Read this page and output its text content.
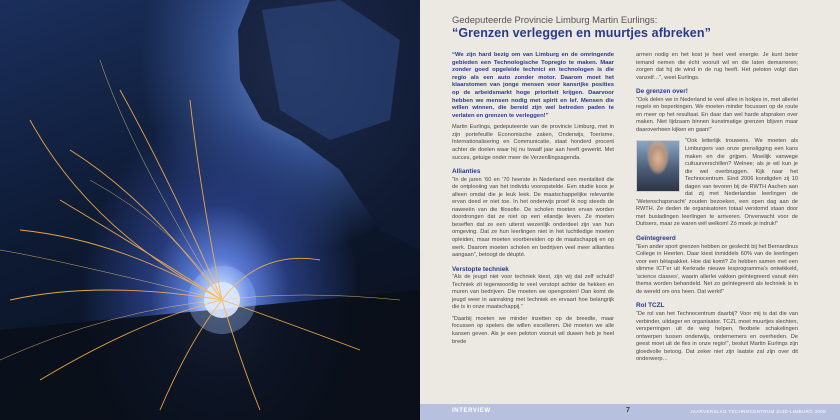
Gedeputeerde Provincie Limburg Martin Eurlings:
“Grenzen verleggen en muurtjes afbreken”

“We zijn hard bezig om van Limburg en de omringende gebieden een Technologische Topregio te maken. Maar zonder goed opgeleide technici en technologen is die regio als een auto zonder motor. Daarom moet het klaarstomen van jonge mensen voor kansrijke posities op de arbeidsmarkt hoge prioriteit krijgen. Daarvoor hebben we mensen nodig met spirit en lef. Mensen die willen winnen, die bereid zijn wel betreden paden te verlaten en grenzen te verleggen!”

Martin Eurlings, gedeputeerde van de provincie Limburg, met in zijn portefeuille Economische zaken, Onderwijs, Toerisme, Internationalisering en Communicatie, staat honderd procent achter de doelen waar hij nu twaalf jaar aan heeft gewerkt. Met succes, getuige onder meer de Verzenllingsagenda.

Allianties

“In de jaren ’60 en ’70 heerste in Nederland een mentaliteit die de ontplooiing van het individu vooropstelde. Een studie koos je alleen omdat die je leuk leek. De maatschappelijke relevantie ervan deed er niet toe. In het onderwijs proef ik nog steeds de naweeën van die filosofie. De scholen moeten ervan worden doordrongen dat ze niet op een eilandje leven. Ze moeten beseffen dat ze een uiterst wezenlijk onderdeel zijn van hun omgeving. Dat ze hun leerlingen niet in het luchtledige moeten opleiden, maar moeten voorbereiden op de maatschappij en op werk. Daarom moeten scholen en bedrijven veel meer allianties aangaan”, betoogt de déupté.

Verstopte techniek

“Als de jeugd niet voor techniek kiest, zijn wij dat zelf schuld! Techniek zit tegenwoordig te veel verstopt achter de hekken en muren van bedrijven. Die moeten we opengooien! Dan komt de jeugd weer in aanraking met techniek en ervaart hoe belangrijk die is in onze maatschappij.”

“Daarbij moeten we minder inzetten op de breedte, maar focussen op spelers die willen excelleren. Dié moeten we alle kansen geven. Als je een peloton vooruit wil duwen heb je heel brede

armen nodig en het kost je heel veel energie. Je kunt beter iemand nemen die écht vooruit wil en die laten demarreren; zorgen dat hij de wind in de rug heeft. Het peloton volgt dan vanzelf…”, weet Eurlings.

De grenzen over!

“Ook delen we in Nederland te veel alles in hokjes in, met allerlei regels en beperkingen. We moeten minder focussen op de route en meer op het resultaat. En daar dan wel harde afspraken over maken. Niet lijdzaam binnen kunstmatige grenzen blijven maar daaroverheen kijken en gaan!”

“Ook letterlijk trouwens. We moeten als Limburgers van onze grensligging een kans maken en die grijpen. Moeilijk vanwege cultuurverschillen? Welnee; als je wil kun je die wel overbruggen. Kijk naar het Technocentrum. Eind 2006 kondigden zij 10 dagen van tevoren bij de RWTH Aachen aan dat zij met Nederlandse leerlingen de ‘Wetenschapsnacht’ zouden bezoeken, een open dag aan de RWTH. Ze deden de organisatoren totaal verstomd staan door met busladingen leerlingen te arriveren. Onverwacht voor de Duitsers, maar ze waren wél welkom! Zó moek je indruk!”

Geïntegreerd

“Een ander sport grenzen hebben ze geslecht bij het Bernardinus College in Heerlen. Daar kiest inmiddels 60% van de leerlingen voor een bètapakket. Hoe dat komt? Ze hebben samen met een slimme ICT’er uit Kerkrade nieuwe lesprogramma’s ontwikkeld, ‘science classes’, waarin allerlei vakken geïntegreerd vanuit één thema worden behandeld. Net zo geïntegreerd als techniek is in de wereld om ons heen. Dat werkt!”

Rol TCZL

“De rol van het Technocentrum daarbij? Voor mij is dat die van verbinder, uitdager en organisator. TCZL moet muurtjes slechten, versperringen uit de weg helpen, flexibele schakelingen ontwerpen tussen onderwijs, ondernemers en overheden. De geest moet uit de fles in onze regio!”, besluit Martin Eurlings zijn gloedvolle betoog. Dat zeker niet zijn laatste zal zijn over dit onderwerp…

INTERVIEW	7	JAARVERSLAG TECHNOCENTRUM ZUID-LIMBURG 2006
